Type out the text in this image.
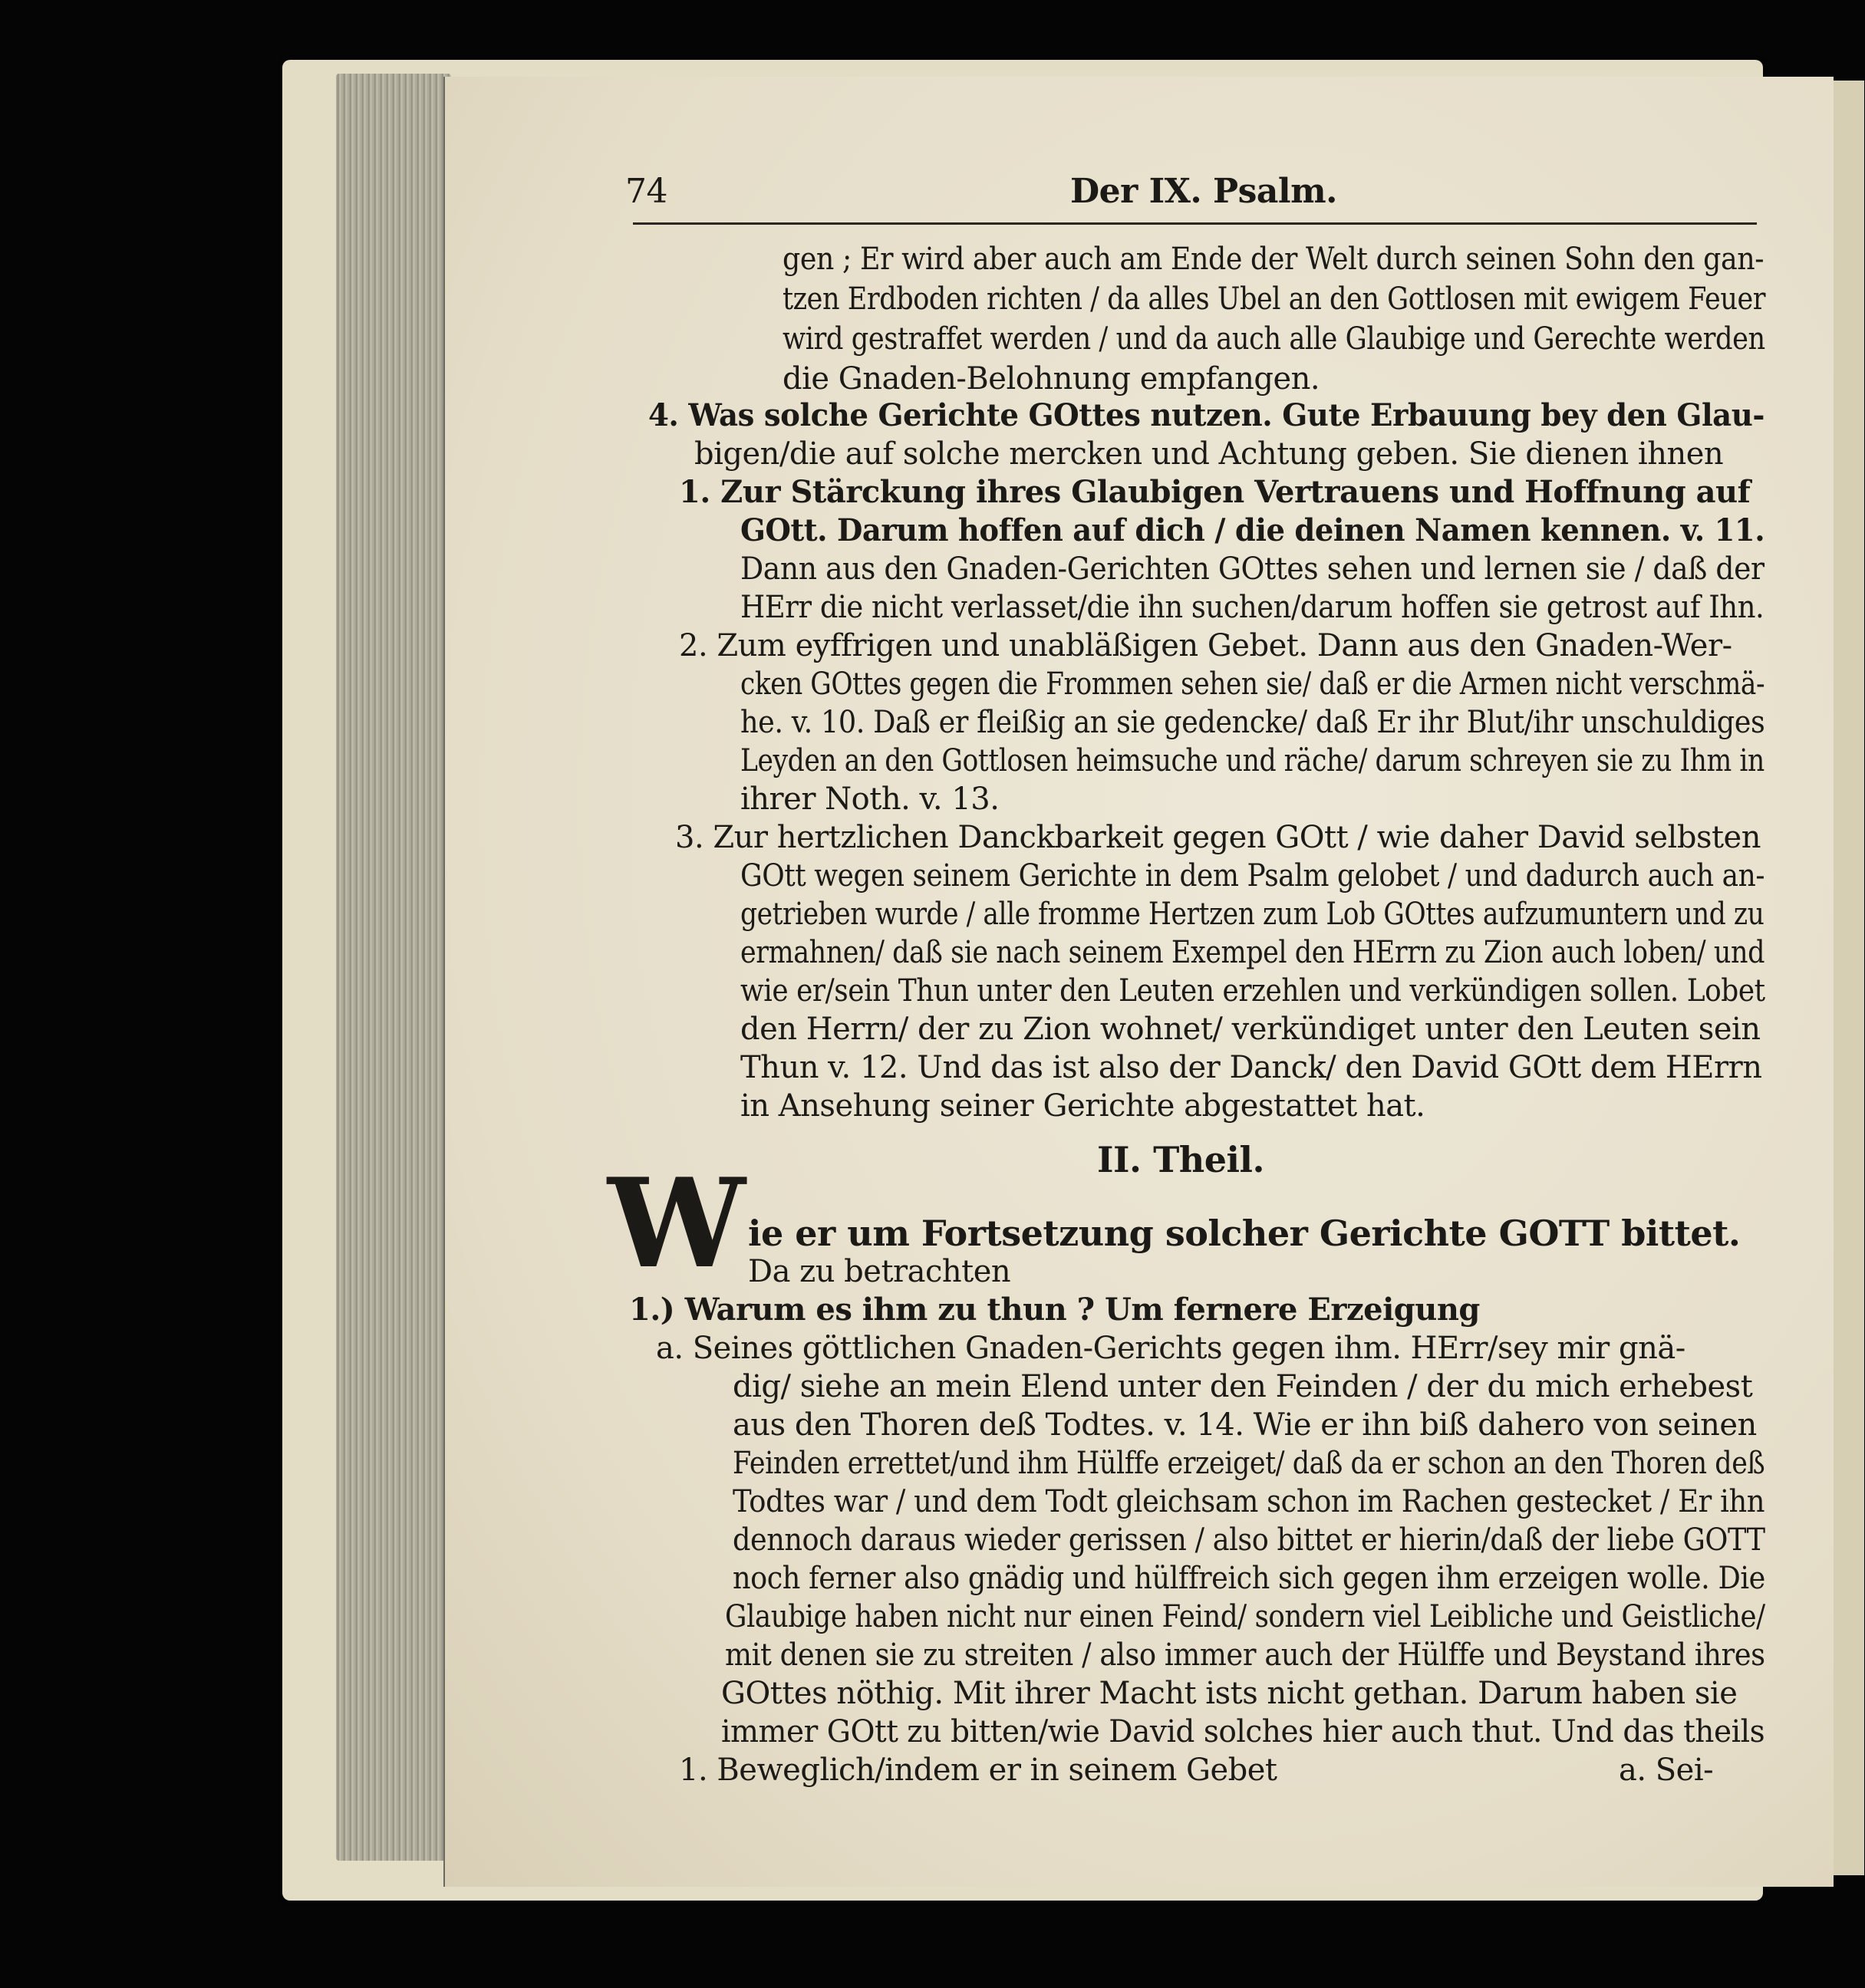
74	Der IX. Psalm.
gen ; Er wird aber auch am Ende der Welt durch seinen Sohn den gan-
tzen Erdboden richten / da alles Ubel an den Gottlosen mit ewigem Feuer
wird gestraffet werden / und da auch alle Glaubige und Gerechte werden
die Gnaden-Belohnung empfangen.
4. Was solche Gerichte GOttes nutzen. Gute Erbauung bey den Glau-
bigen/die auf solche mercken und Achtung geben. Sie dienen ihnen
1. Zur Stärckung ihres Glaubigen Vertrauens und Hoffnung auf
GOtt. Darum hoffen auf dich / die deinen Namen kennen. v. 11.
Dann aus den Gnaden-Gerichten GOttes sehen und lernen sie / daß der
HErr die nicht verlasset/die ihn suchen/darum hoffen sie getrost auf Ihn.
2. Zum eyffrigen und unabläßigen Gebet. Dann aus den Gnaden-Wer-
cken GOttes gegen die Frommen sehen sie/ daß er die Armen nicht verschmä-
he. v. 10. Daß er fleißig an sie gedencke/ daß Er ihr Blut/ihr unschuldiges
Leyden an den Gottlosen heimsuche und räche/ darum schreyen sie zu Ihm in
ihrer Noth. v. 13.
3. Zur hertzlichen Danckbarkeit gegen GOtt / wie daher David selbsten
GOtt wegen seinem Gerichte in dem Psalm gelobet / und dadurch auch an-
getrieben wurde / alle fromme Hertzen zum Lob GOttes aufzumuntern und zu
ermahnen/ daß sie nach seinem Exempel den HErrn zu Zion auch loben/ und
wie er/sein Thun unter den Leuten erzehlen und verkündigen sollen. Lobet
den Herrn/ der zu Zion wohnet/ verkündiget unter den Leuten sein
Thun v. 12. Und das ist also der Danck/ den David GOtt dem HErrn
in Ansehung seiner Gerichte abgestattet hat.
II. Theil.
W ie er um Fortsetzung solcher Gerichte GOTT bittet.
Da zu betrachten
1.) Warum es ihm zu thun ? Um fernere Erzeigung
a. Seines göttlichen Gnaden-Gerichts gegen ihm. HErr/sey mir gnä-
dig/ siehe an mein Elend unter den Feinden / der du mich erhebest
aus den Thoren deß Todtes. v. 14. Wie er ihn biß dahero von seinen
Feinden errettet/und ihm Hülffe erzeiget/ daß da er schon an den Thoren deß
Todtes war / und dem Todt gleichsam schon im Rachen gestecket / Er ihn
dennoch daraus wieder gerissen / also bittet er hierin/daß der liebe GOTT
noch ferner also gnädig und hülffreich sich gegen ihm erzeigen wolle. Die
Glaubige haben nicht nur einen Feind/ sondern viel Leibliche und Geistliche/
mit denen sie zu streiten / also immer auch der Hülffe und Beystand ihres
GOttes nöthig. Mit ihrer Macht ists nicht gethan. Darum haben sie
immer GOtt zu bitten/wie David solches hier auch thut. Und das theils
1. Beweglich/indem er in seinem Gebet	a. Sei-
